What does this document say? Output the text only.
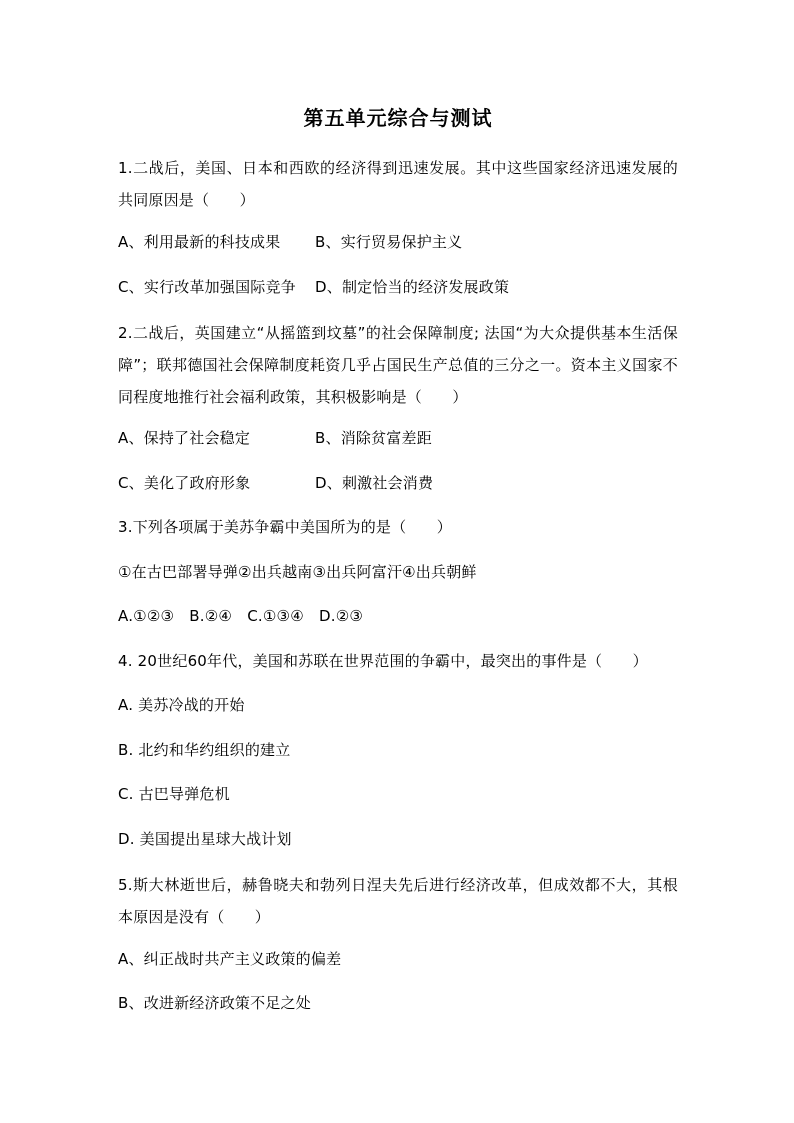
第五单元综合与测试
1.二战后，美国、日本和西欧的经济得到迅速发展。其中这些国家经济迅速发展的共同原因是（　　）
A、利用最新的科技成果	B、实行贸易保护主义
C、实行改革加强国际竞争	D、制定恰当的经济发展政策
2.二战后，英国建立“从摇篮到坟墓”的社会保障制度; 法国“为大众提供基本生活保障”；联邦德国社会保障制度耗资几乎占国民生产总值的三分之一。资本主义国家不同程度地推行社会福利政策，其积极影响是（　　）
A、保持了社会稳定	B、消除贫富差距
C、美化了政府形象	D、刺激社会消费
3.下列各项属于美苏争霸中美国所为的是（　　）
①在古巴部署导弹②出兵越南③出兵阿富汗④出兵朝鲜
A.①②③　B.②④　C.①③④　D.②③
4. 20世纪60年代，美国和苏联在世界范围的争霸中，最突出的事件是（　　）
A. 美苏冷战的开始
B. 北约和华约组织的建立
C. 古巴导弹危机
D. 美国提出星球大战计划
5.斯大林逝世后，赫鲁晓夫和勃列日涅夫先后进行经济改革，但成效都不大，其根本原因是没有（　　）
A、纠正战时共产主义政策的偏差
B、改进新经济政策不足之处
